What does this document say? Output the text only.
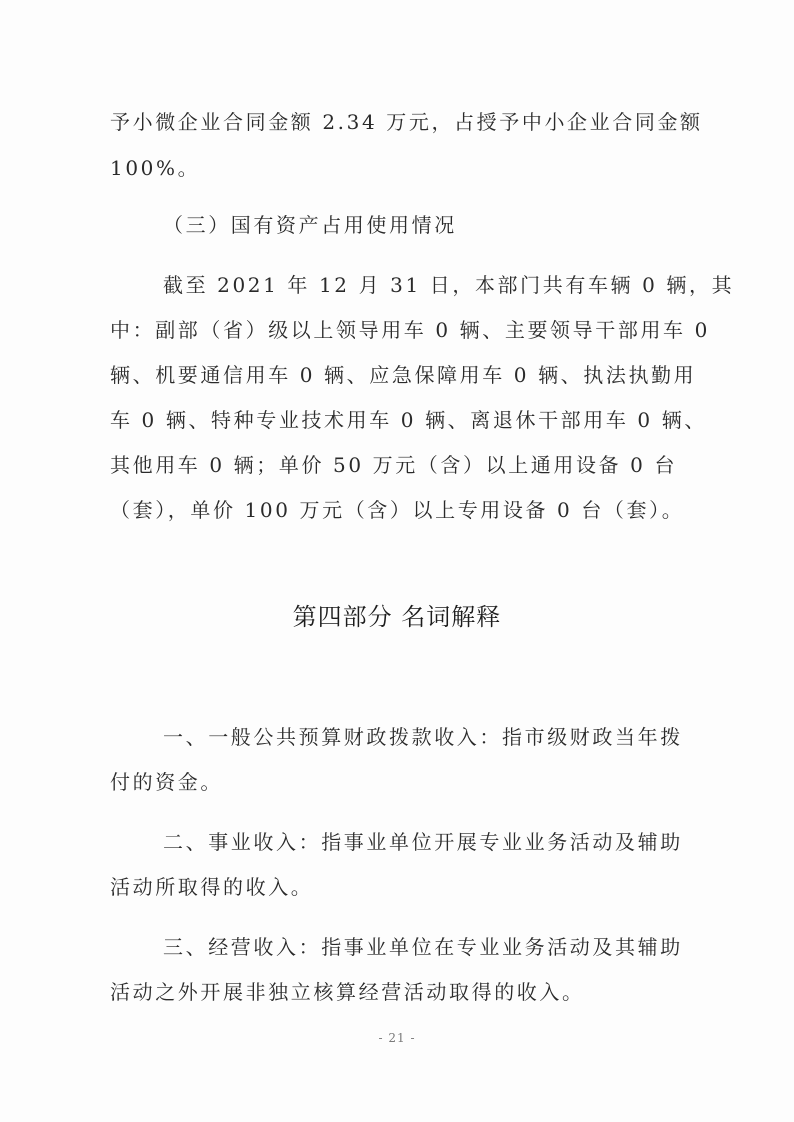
予小微企业合同金额 2.34 万元，占授予中小企业合同金额
100%。
（三）国有资产占用使用情况
截至 2021 年 12 月 31 日，本部门共有车辆 0 辆，其
中：副部（省）级以上领导用车 0 辆、主要领导干部用车 0
辆、机要通信用车 0 辆、应急保障用车 0 辆、执法执勤用
车 0 辆、特种专业技术用车 0 辆、离退休干部用车 0 辆、
其他用车 0 辆；单价 50 万元（含）以上通用设备 0 台
（套），单价 100 万元（含）以上专用设备 0 台（套）。
第四部分 名词解释
一、一般公共预算财政拨款收入：指市级财政当年拨
付的资金。
二、事业收入：指事业单位开展专业业务活动及辅助
活动所取得的收入。
三、经营收入：指事业单位在专业业务活动及其辅助
活动之外开展非独立核算经营活动取得的收入。
- 21 -
